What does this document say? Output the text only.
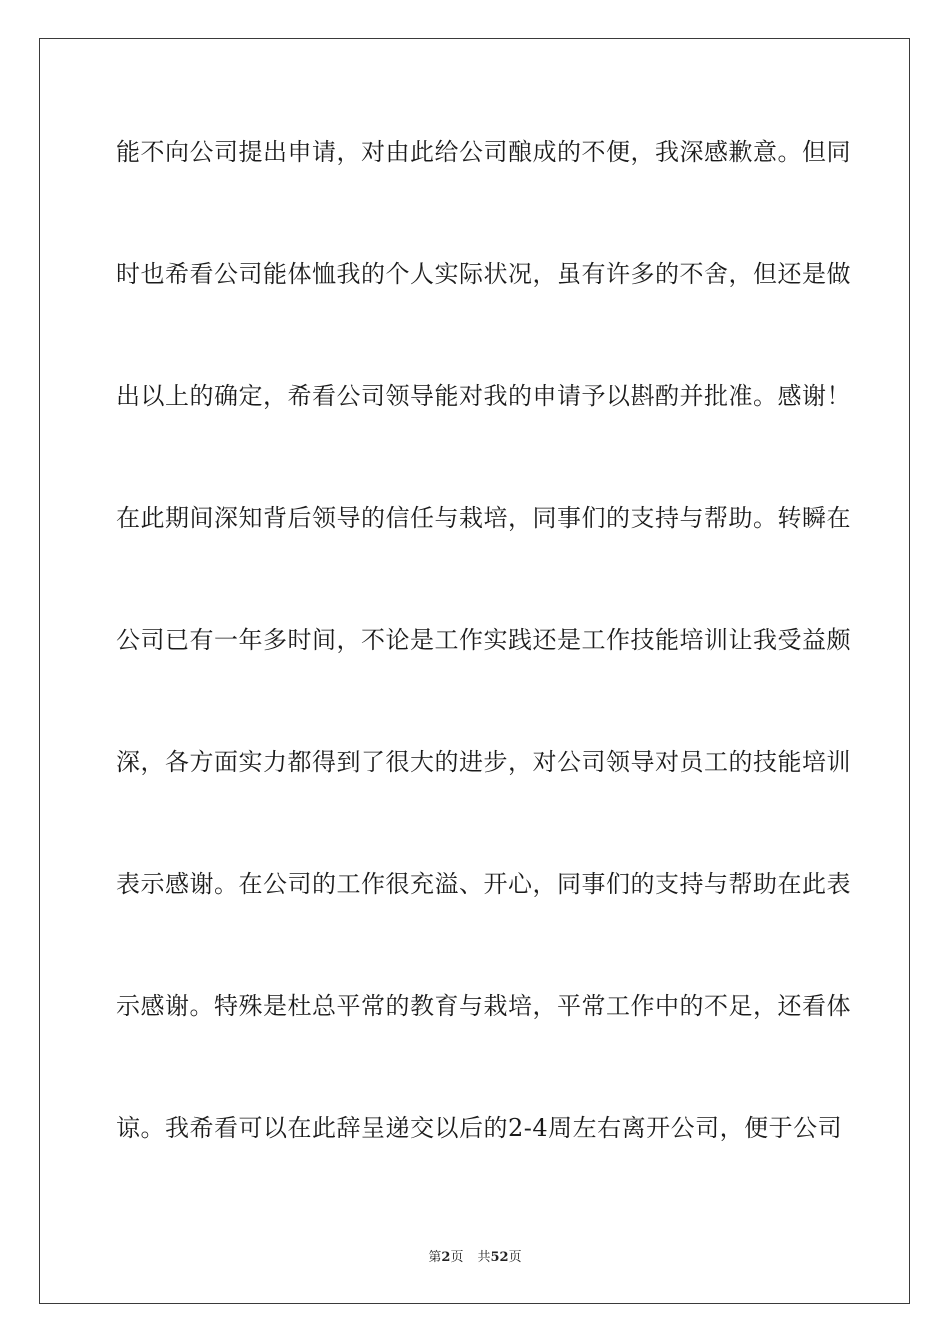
能不向公司提出申请，对由此给公司酿成的不便，我深感歉意。但同
时也希看公司能体恤我的个人实际状况，虽有许多的不舍，但还是做
出以上的确定，希看公司领导能对我的申请予以斟酌并批准。感谢！
在此期间深知背后领导的信任与栽培，同事们的支持与帮助。转瞬在
公司已有一年多时间，不论是工作实践还是工作技能培训让我受益颇
深，各方面实力都得到了很大的进步，对公司领导对员工的技能培训
表示感谢。在公司的工作很充溢、开心，同事们的支持与帮助在此表
示感谢。特殊是杜总平常的教育与栽培，平常工作中的不足，还看体
谅。我希看可以在此辞呈递交以后的2-4周左右离开公司，便于公司
第2页 共52页
